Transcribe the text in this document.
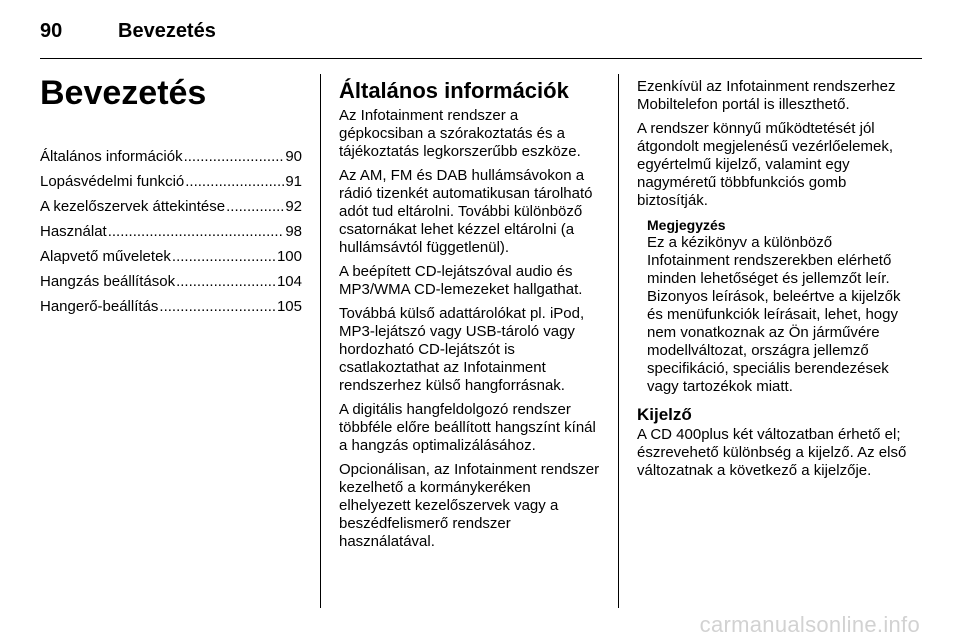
90	Bevezetés
Bevezetés
Általános információk .....	90
Lopásvédelmi funkció .....	91
A kezelőszervek áttekintése .....	92
Használat .....	98
Alapvető műveletek .....	100
Hangzás beállítások .....	104
Hangerő-beállítás .....	105
Általános információk

Az Infotainment rendszer a gépkocsiban a szórakoztatás és a tájékoztatás legkorszerűbb eszköze.

Az AM, FM és DAB hullámsávokon a rádió tizenkét automatikusan tárolható adót tud eltárolni. További különböző csatornákat lehet kézzel eltárolni (a hullámsávtól függetlenül).

A beépített CD-lejátszóval audio és MP3/WMA CD-lemezeket hallgathat.

Továbbá külső adattárolókat pl. iPod, MP3-lejátszó vagy USB-tároló vagy hordozható CD-lejátszót is csatlakoztathat az Infotainment rendszerhez külső hangforrásnak.

A digitális hangfeldolgozó rendszer többféle előre beállított hangszínt kínál a hangzás optimalizálásához.

Opcionálisan, az Infotainment rendszer kezelhető a kormánykeréken elhelyezett kezelőszervek vagy a beszédfelismerő rendszer használatával.

Ezenkívül az Infotainment rendszerhez Mobiltelefon portál is illeszthető.

A rendszer könnyű működtetését jól átgondolt megjelenésű vezérlőelemek, egyértelmű kijelző, valamint egy nagyméretű többfunkciós gomb biztosítják.

Megjegyzés
Ez a kézikönyv a különböző Infotainment rendszerekben elérhető minden lehetőséget és jellemzőt leír. Bizonyos leírások, beleértve a kijelzők és menüfunkciók leírásait, lehet, hogy nem vonatkoznak az Ön járművére modellváltozat, országra jellemző specifikáció, speciális berendezések vagy tartozékok miatt.
Kijelző

A CD 400plus két változatban érhető el; észrevehető különbség a kijelző. Az első változatnak a következő a kijelzője.

carmanualsonline.info
